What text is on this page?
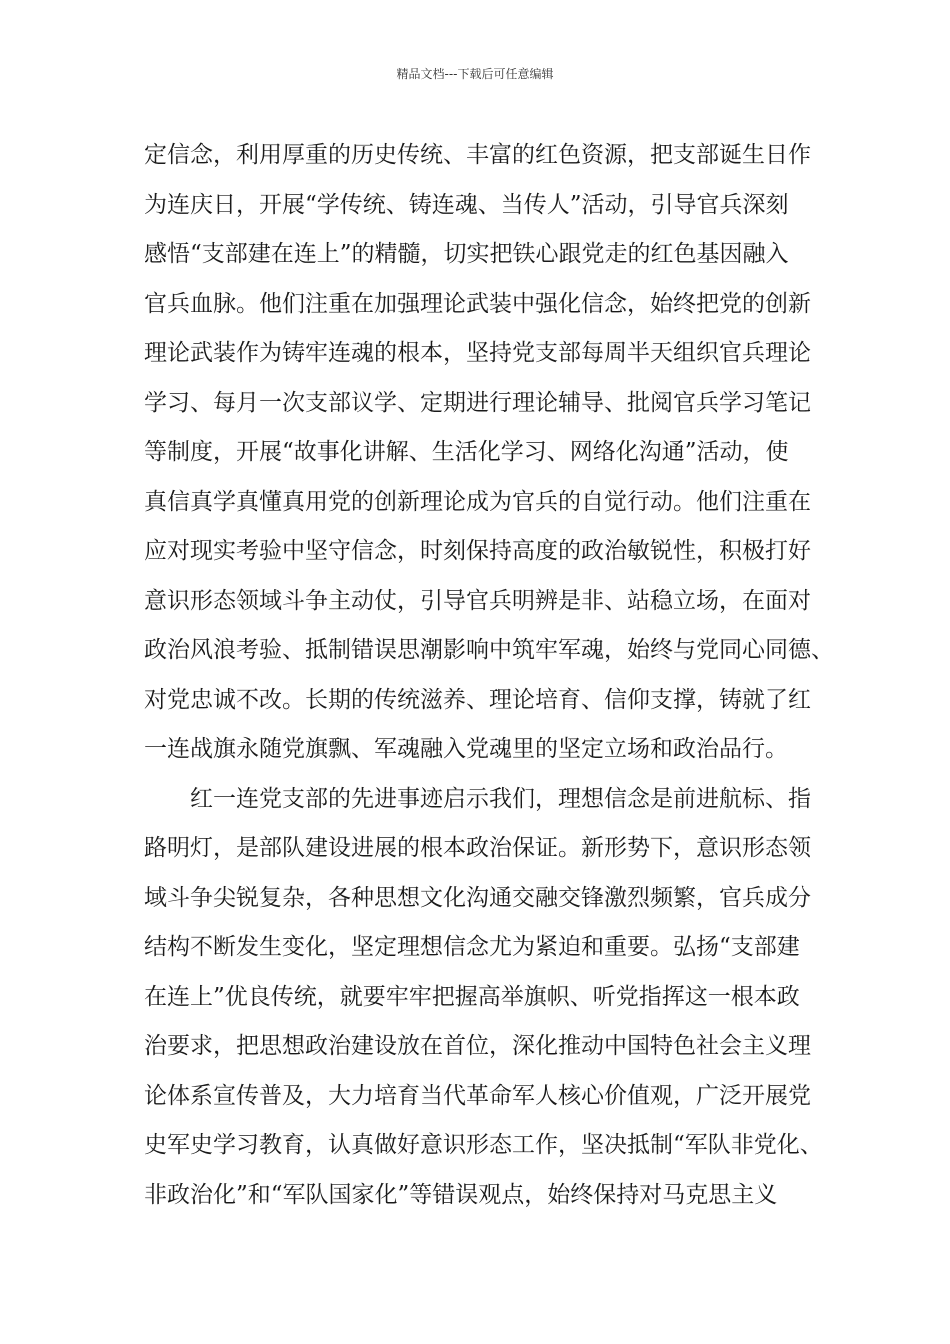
精品文档---下载后可任意编辑
定信念，利用厚重的历史传统、丰富的红色资源，把支部诞生日作
为连庆日，开展“学传统、铸连魂、当传人”活动，引导官兵深刻
感悟“支部建在连上”的精髓，切实把铁心跟党走的红色基因融入
官兵血脉。他们注重在加强理论武装中强化信念，始终把党的创新
理论武装作为铸牢连魂的根本，坚持党支部每周半天组织官兵理论
学习、每月一次支部议学、定期进行理论辅导、批阅官兵学习笔记
等制度，开展“故事化讲解、生活化学习、网络化沟通”活动，使
真信真学真懂真用党的创新理论成为官兵的自觉行动。他们注重在
应对现实考验中坚守信念，时刻保持高度的政治敏锐性，积极打好
意识形态领域斗争主动仗，引导官兵明辨是非、站稳立场，在面对
政治风浪考验、抵制错误思潮影响中筑牢军魂，始终与党同心同德、
对党忠诚不改。长期的传统滋养、理论培育、信仰支撑，铸就了红
一连战旗永随党旗飘、军魂融入党魂里的坚定立场和政治品行。
红一连党支部的先进事迹启示我们，理想信念是前进航标、指
路明灯，是部队建设进展的根本政治保证。新形势下，意识形态领
域斗争尖锐复杂，各种思想文化沟通交融交锋激烈频繁，官兵成分
结构不断发生变化，坚定理想信念尤为紧迫和重要。弘扬“支部建
在连上”优良传统，就要牢牢把握高举旗帜、听党指挥这一根本政
治要求，把思想政治建设放在首位，深化推动中国特色社会主义理
论体系宣传普及，大力培育当代革命军人核心价值观，广泛开展党
史军史学习教育，认真做好意识形态工作，坚决抵制“军队非党化、
非政治化”和“军队国家化”等错误观点，始终保持对马克思主义
